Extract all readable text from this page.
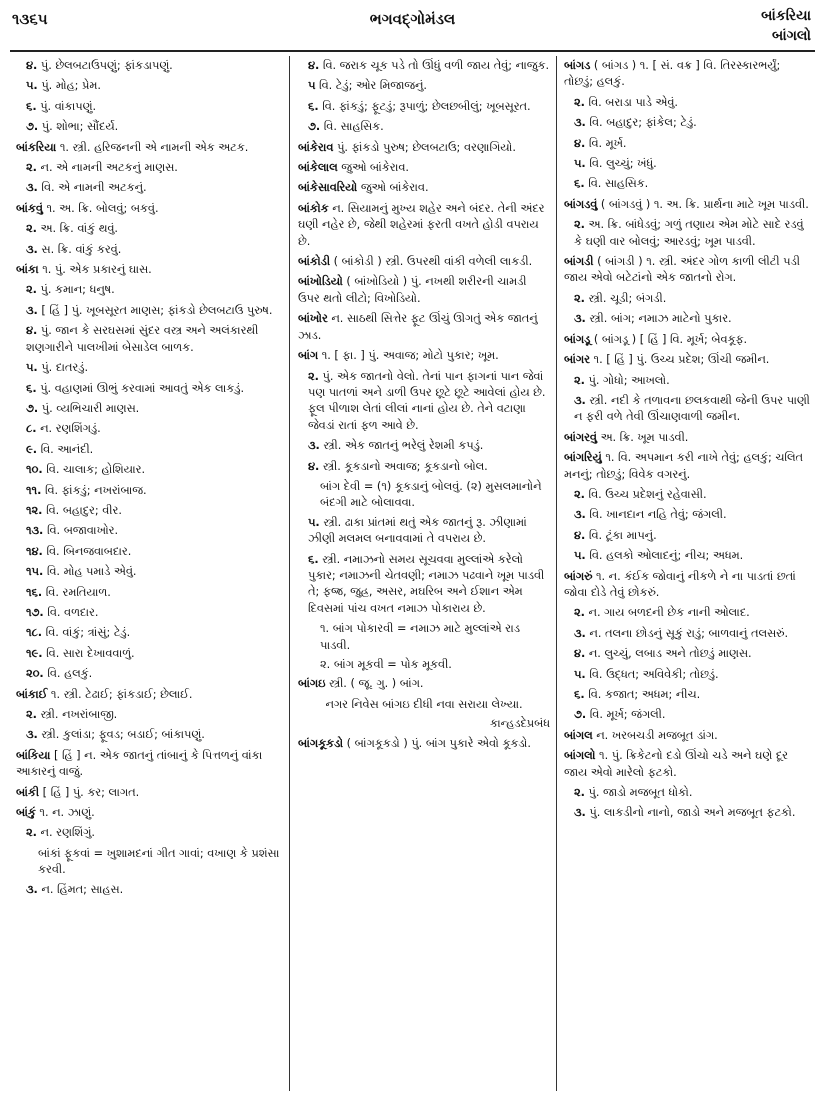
૧૩૬૫	ભગવદ્ગોમંડલ	બાંકરિયા
બાંગલો

૪. પું. છેલબટાઉપણું; ફાંકડાપણું.

૫. પું. મોહ; પ્રેમ.

૬. પું. વાંકાપણું.

૭. પું. શોભા; સૌંદર્ય.

બાંકરિયા ૧. સ્ત્રી. હરિજનની એ નામની એક અટક.

૨. ન. એ નામની અટકનું માણસ.

૩. વિ. એ નામની અટકનું.

બાંકવું ૧. અ. ક્રિ. બોલવું; બકવું.

૨. અ. ક્રિ. વાંકું થવું.

૩. સ. ક્રિ. વાંકું કરવું.

બાંકા ૧. પું. એક પ્રકારનું ઘાસ.

૨. પું. કમાન; ધનુષ.

૩. [ હિં ] પું. ખૂબસૂરત માણસ; ફાંકડો છેલબટાઉ પુરુષ.

૪. પું. જાન કે સરઘસમાં સુંદર વસ્ત્ર અને અલંકારથી શણગારીને પાલખીમાં બેસાડેલ બાળક.

૫. પું. દાતરડું.

૬. પું. વહાણમાં ઊભું કરવામાં આવતું એક લાકડું.

૭. પું. વ્યભિચારી માણસ.

૮. ન. રણશિંગડું.

૯. વિ. આનંદી.

૧૦. વિ. ચાલાક; હોશિયાર.

૧૧. વિ. ફાંકડું; નખરાંબાજ.

૧૨. વિ. બહાદુર; વીર.

૧૩. વિ. બજાવાખોર.

૧૪. વિ. બિનજવાબદાર.

૧૫. વિ. મોહ પમાડે એવું.

૧૬. વિ. રમતિયાળ.

૧૭. વિ. વળદાર.

૧૮. વિ. વાંકું; ત્રાંસું; ટેડું.

૧૯. વિ. સારા દેખાવવાળું.

૨૦. વિ. હલકું.

બાંકાઈ ૧. સ્ત્રી. ટેઢાઈ; ફાંકડાઈ; છેલાઈ.

૨. સ્ત્રી. નખરાંબાજી.

૩. સ્ત્રી. કુલાંડા; ફૂવડ; બડાઈ; બાંકાપણું.

બાંકિયા [ હિં ] ન. એક જાતનું તાંબાનું કે પિત્તળનું વાંકા આકારનું વાજું.

બાંકી [ હિં ] પું. કર; લાગત.

બાંકું ૧. ન. ઝાણું.

૨. ન. રણશિંગું.

બાંકાં ફૂકવાં = ખુશામદનાં ગીત ગાવાં; વખાણ કે પ્રશંસા કરવી.

૩. ન. હિંમત; સાહસ.

૪. વિ. જરાક ચૂક પડે તો ઊંધું વળી જાય તેવું; નાજુક.

૫ વિ. ટેડું; ઓર મિજાજનું.

૬. વિ. ફાંકડું; ફૂટડું; રૂપાળું; છેલછબીલું; ખૂબસૂરત.

૭. વિ. સાહસિક.

બાંકેરાવ પું. ફાંકડો પુરુષ; છેલબટાઉ; વરણાગિયો.

બાંકેલાલ જુઓ બાંકેરાવ.

બાંકેસાવરિયો જુઓ બાંકેરાવ.

બાંકોક ન. સિયામનું મુખ્ય શહેર અને બંદર. તેની અંદર ઘણી નહેર છે, જેથી શહેરમાં ફરતી વખતે હોડી વપરાય છે.

બાંકોડી ( બાંકોડી ) સ્ત્રી. ઉપરથી વાંકી વળેલી લાકડી.

બાંખોડિયો ( બાંખોડિયો ) પું. નખથી શરીરની ચામડી ઉપર થતો લીટો; વિખોડિયો.

બાંખોર ન. સાઠથી સિત્તેર ફૂટ ઊંચું ઊગતું એક જાતનું ઝાડ.

બાંગ ૧. [ ફા. ] પું. અવાજ; મોટો પુકાર; ખૂમ.

૨. પું. એક જાતનો વેલો. તેનાં પાન ફાગનાં પાન જેવાં પણ પાતળાં અને ડાળી ઉપર છૂટે છૂટે આવેલાં હોય છે. ફૂલ પીળાશ લેતાં લીલાં નાનાં હોય છે. તેને વટાણા જેવડાં રાતાં ફળ આવે છે.

૩. સ્ત્રી. એક જાતનું ભરેલું રેશમી કપડું.

૪. સ્ત્રી. કૂકડાનો અવાજ; કૂકડાનો બોલ.

બાંગ દેવી = (૧) કૂકડાનું બોલવું. (૨) મુસલમાનોને બંદગી માટે બોલાવવા.

૫. સ્ત્રી. ઢાકા પ્રાંતમાં થતું એક જાતનું રૂ. ઝીણામાં ઝીણી મલમલ બનાવવામાં તે વપરાય છે.

૬. સ્ત્રી. નમાઝનો સમય સૂચવવા મુલ્લાંએ કરેલો પુકાર; નમાઝની ચેતવણી; નમાઝ પઢવાને ખૂમ પાડવી તે; ફજ્ર, જુહ્ર, અસર, મઘરિબ અને ઈશાન એમ દિવસમાં પાંચ વખત નમાઝ પોકારાય છે.

૧. બાંગ પોકારવી = નમાઝ માટે મુલ્લાંએ રાડ પાડવી.

૨. બાંગ મૂકવી = પોક મૂકવી.

બાંગઇ સ્ત્રી. ( જૂ. ગુ. ) બાંગ.

નગર નિવેસ બાંગઇ દીધી નવા સરાયા લેખ્યા.

કાન્હડદેપ્રબંધ

બાંગકૂકડો ( બાંગકૂકડો ) પું. બાંગ પુકારે એવો કૂકડો.

બાંગડ ( બાંગડ ) ૧. [ સં. વક્ર ] વિ. તિરસ્કારભર્યું; તોછડું; હલકું.

૨. વિ. બરાડા પાડે એવું.

૩. વિ. બહાદુર; ફાંકેલ; ટેડું.

૪. વિ. મૂર્ખ.

૫. વિ. લુચ્ચું; ખંધું.

૬. વિ. સાહસિક.

બાંગડવું ( બાંગડવું ) ૧. અ. ક્રિ. પ્રાર્થના માટે ખૂમ પાડવી.

૨. અ. ક્રિ. બાંધેડવું; ગળું તણાય એમ મોટે સાદે રડવું કે ઘણી વાર બોલવું; આરડવું; ખૂમ પાડવી.

બાંગડી ( બાંગડી ) ૧. સ્ત્રી. અંદર ગોળ કાળી લીટી પડી જાય એવો બટેટાંનો એક જાતનો રોગ.

૨. સ્ત્રી. ચૂડી; બંગડી.

૩. સ્ત્રી. બાંગ; નમાઝ માટેનો પુકાર.

બાંગડૂ ( બાંગડૂ ) [ હિં ] વિ. મૂર્ખ; બેવકૂફ.

બાંગર ૧. [ હિં ] પું. ઉચ્ચ પ્રદેશ; ઊંચી જમીન.

૨. પું. ગોધો; આખલો.

૩. સ્ત્રી. નદી કે તળાવના છલકવાથી જેની ઉપર પાણી ન ફરી વળે તેવી ઊંચાણવાળી જમીન.

બાંગરવું અ. ક્રિ. ખૂમ પાડવી.

બાંગરિયું ૧. વિ. અપમાન કરી નાખે તેવું; હલકું; ચલિત મનનું; તોછડું; વિવેક વગરનું.

૨. વિ. ઉચ્ચ પ્રદેશનું રહેવાસી.

૩. વિ. ખાનદાન નહિ તેવું; જંગલી.

૪. વિ. ટૂંકા માપનું.

૫. વિ. હલકો ઓલાદનું; નીચ; અધમ.

બાંગરું ૧. ન. કંઈક જોવાનું નીકળે ને ના પાડતાં છતાં જોવા દોડે તેવું છોકરું.

૨. ન. ગાય બળદની છેક નાની ઓલાદ.

૩. ન. તલના છોડનું સૂકું રાડું; બાળવાનું તલસરું.

૪. ન. લુચ્ચું, લબાડ અને તોછડું માણસ.

૫. વિ. ઉદ્ધત; અવિવેકી; તોછડું.

૬. વિ. કજાત; અધમ; નીચ.

૭. વિ. મૂર્ખ; જંગલી.

બાંગલ ન. ખરબચડી મજબૂત ડાંગ.

બાંગલો ૧. પું. ક્રિકેટનો દડો ઊંચો ચડે અને ઘણે દૂર જાય એવો મારેલો ફટકો.

૨. પું. જાડો મજબૂત ધોકો.

૩. પું. લાકડીનો નાનો, જાડો અને મજબૂત ફટકો.
